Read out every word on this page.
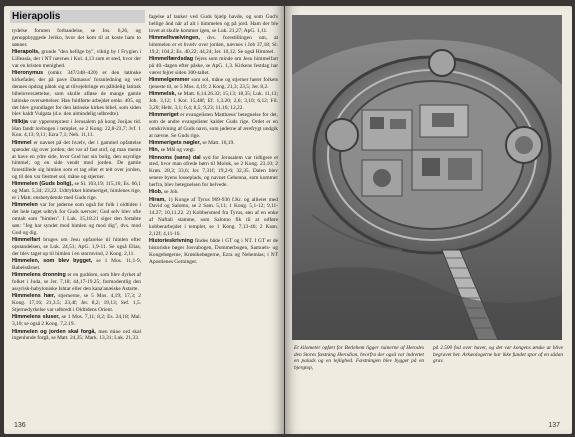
Hierapolis

tydelse foruten forbandelse, se Jos. 6,26, og genoppbyggede Jeriko, hvor det kom til at koste ham to sønner.

Hierapolis, grunde "den hellige by", viktig by i Frygien i Lilleasia, der i NT nævnes i Kol. 4,13 som et sted, hvor der var en kristen menighed.

Hieronymus (omkr. 347/348–420) er den latinske kirkefader, der på pave Damasus' foranledning og ved dennes opdrag påtok sig at tilvejebringe en pålidelig latinsk bibeloversættelse, som skulle afløse de mange gamle latinske oversættelser. Han fuldførte arbejdet omkr. 405, og det blev grundlaget for den latinske kirkes bibel, som siden blev kaldt Vulgata (d.e. den almindelig udbredte).

Hilkija var ypperstepræst i Jerusalem på kong Josijas tid. Han fandt lovbogen i templet, se 2 Kong. 22,8-23,7; Jvf. 1 Kon. 4,13; 9,11; Ezra 7,1; Neh. 11,11.

Himmel er navnet på det hvælv, der i gammel opfattelse spænder sig over jorden; det var af fast stof, og man mente at have en ydre side, hvor Gud har sin bolig, den usynlige himmel; og en side vendt mod jorden. De gamle forestillede sig himlen som et tag eller et telt over jorden, og til den var fæstnet sol, måne og stjerner.

Himmelen (Guds bolig), se Sl. 103,19; 115,16; Es. 66,1 og Matt. 5,34; 23,22. Udtrykket himmeriget, himlenes rige, er i Matt. ensbetydende med Guds rige.

Himmelen var for jøderne som også for folk i oldtiden i det hele taget udtryk for Guds nærvær; Gud selv blev ofte omtalt som "himlen". I Luk. 15,18.21 siger den fortabte søn: "Jeg har syndet mod himlen og mod dig", dvs. mod Gud og dig.

Himmelfart bruges om Jesu opfarelse til himlen efter opstandelsen, se Luk. 24,51; ApG. 1,9-11. Se også Elias, der blev taget op til himlen i en stormvind, 2 Kong. 2,11.

Himmelen, som blev bygget, se 1 Mos. 11,1-9, Babelstårnet.

Himmelens dronning er en guddom, som blev dyrket af folket i Juda, se Jer. 7,18; 44,17-19.25; formodentlig den assyrisk-babyloniske Ishtar eller den kana'anæiske Astarte.

Himmelens hær, stjernerne, se 5 Mos. 4,19; 17,3; 2 Kong. 17,16; 21,3.5; 23,4f; Jer. 8,2; 19,13; Sef. 1,5. Stjernedyrkelse var udbredt i Oldtidens Orient.

Himmelens sluser, se 1 Mos. 7,11; 8,2; Es. 24,18; Mal. 3,10; se også 2 Kong. 7,2.19.

Himmelen og jorden skal forgå, men mine ord skal ingenlunde forgå, se Matt. 24,35; Mark. 13,31; Luk. 21,33.

fagelse af tanker ved Guds hjælp havde, og som Gud's hellige ånd når af alt i himmelen og på jord. Ham der ble lovet at skulle kommer igen, se Luk. 21,27; ApG. 1,11.

Himmelhvælvingen, dvs. forestillingen om, at himmelen er et hvælv over jorden, nævnes i Job 37,18; Sl. 19,2; 104,2; Es. 40,22; 44,24; Jer. 10,12. Se også Himmel.

Himmelfærdsdag fejres som minde om Jesu himmelfart på 40.-dagen efter påske, se ApG. 1,3. Kirkens festdag har været fejret siden 300-tallet.

Himmelgemmer som sol, måne og stjerner hører folkets tjeneste til, se 5 Mos. 4,19; 2 Kong. 21,3; 23,5; Jer. 8,2.

Himmelsk, se Matt. 6,14.26.32; 15,13; 18,35; Luk. 11,13; Joh. 3,12; 1 Kor. 15,48f; Ef. 1,3.20; 2,6; 3,10; 6,12; Fil. 3,20; Hebr. 3,1; 6,4; 8,5; 9,23; 11,16; 12,22.

Himmeriget er evangelisten Matthæus' betegnelse for det, som de andre evangelister kalder Guds rige. Ordet er en omskrivning af Guds navn, som jøderne af ærefrygt undgik at nævne. Se Guds rige.

Himmerigets nøgler, se Matt. 16,19.

Hin, se Mål og vægt.

Hinnoms (søns) dal syd for Jerusalem var tidligere et sted, hvor man ofrede børn til Molok, se 2 Kong. 23,10; 2 Krøn. 28,3; 33,6; Jer. 7,31f; 19,2-6; 32,35. Dalen blev senere byens losseplads, og navnet Gehenna, som kommer herfra, blev betegnelsen for helvede.

Hiob, se Job.

Hiram, 1) Konge af Tyrus 969-936 f.Kr. og allieret med David og Salomo, se 2 Sam. 5,11; 1 Kong. 5,1-12; 9,11-14.27; 10,11.22. 2) Kobbersmed fra Tyrus, søn af en enke af Naftali stamme, som Salomo fik til at udføre kobberarbejdet i templet, se 1 Kong. 7,13-46; 2 Krøn. 2,12f; 4,11-16.

Historieskrivning findes både i GT og i NT. I GT er de historiske bøger Josvabogen, Dommerbogen, Samuels- og Kongebøgerne, Krønikebøgerne, Ezra og Nehemias; i NT Apostlenes Gerninger.

136
Et kilometer opført for Betlehem ligger ruinerne af Herodes den Stores fæstning Herodion, hvorfra der også var indrettet en palads og en lejlighed. Fæstningen blev bygget på en bjergtop,
på 2.500 fod over havet, og det var kongens ønske at blive begravet her. Arkæologerne har ikke fundet spor af en sådan grav.
137
